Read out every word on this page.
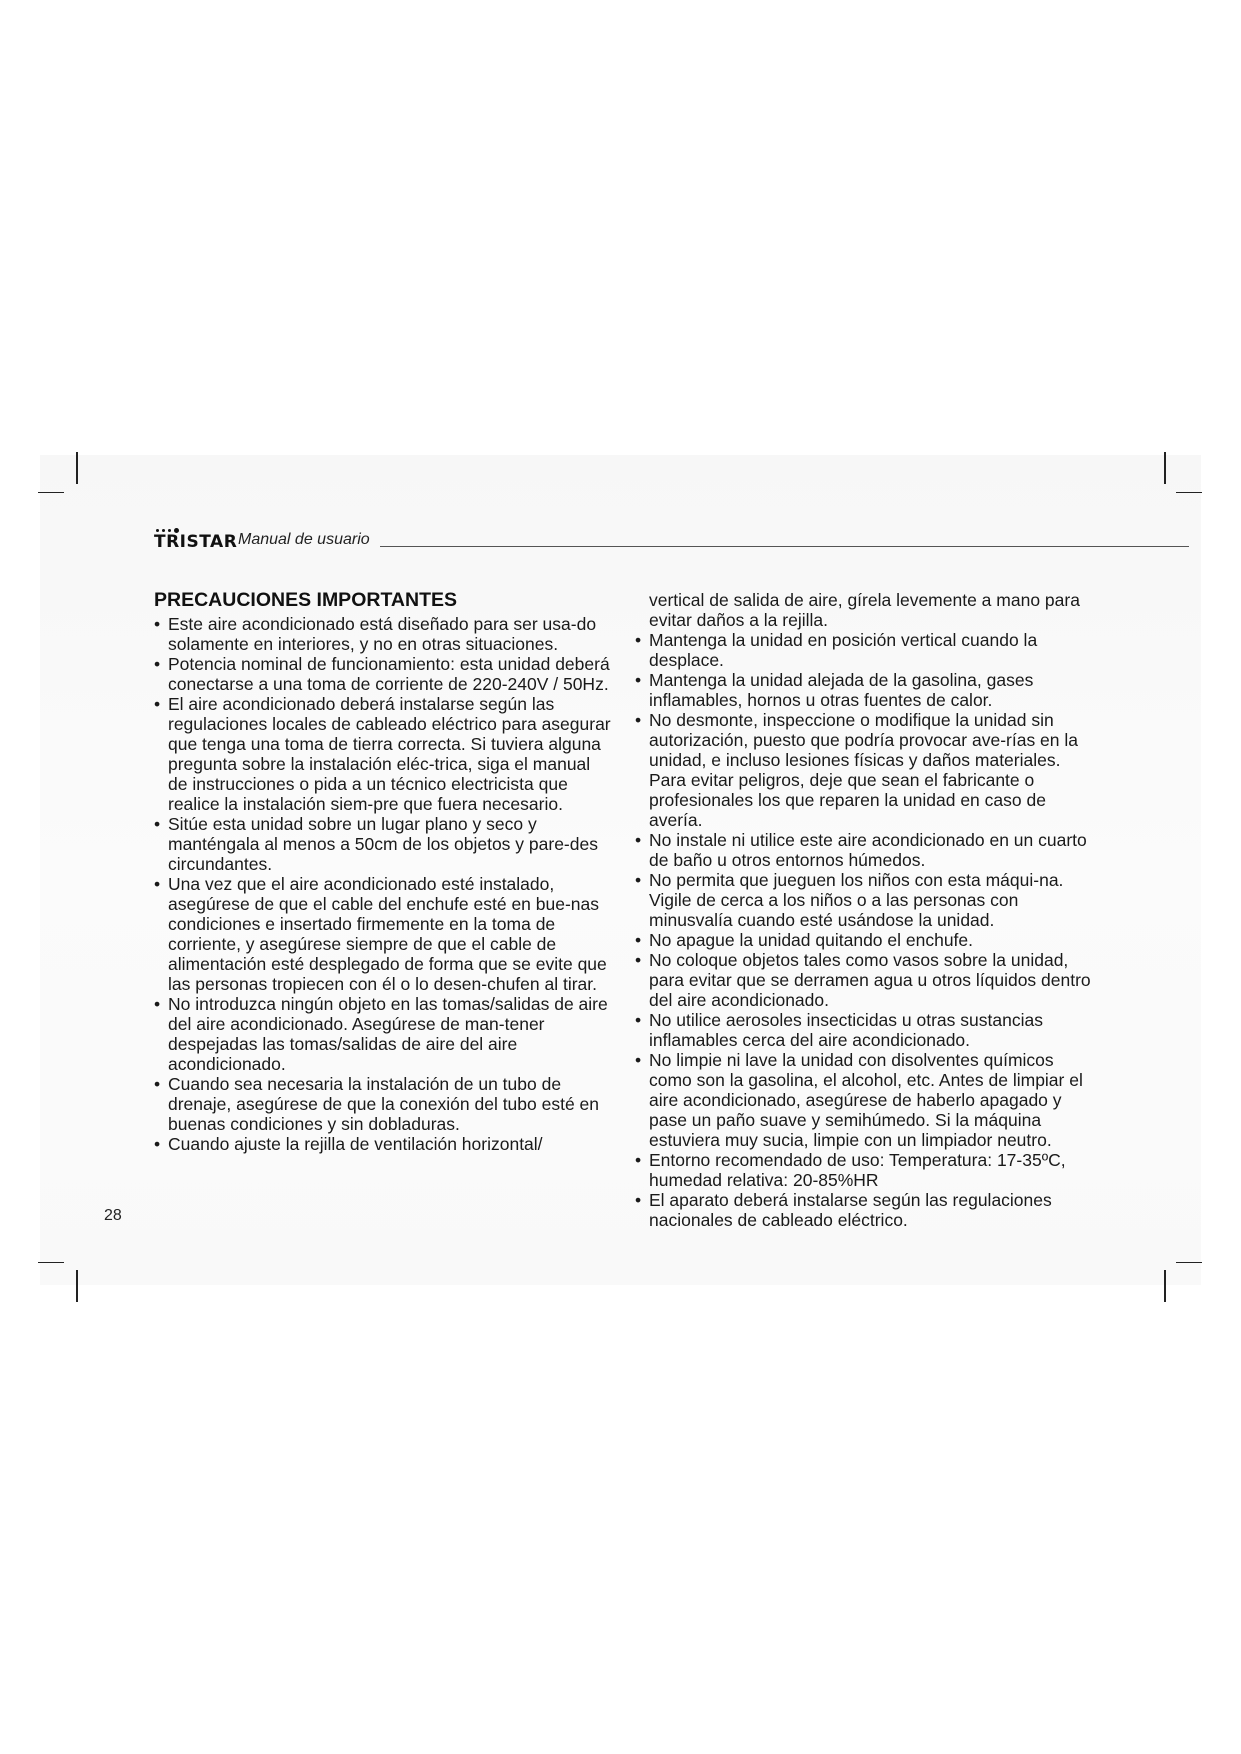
TRISTAR Manual de usuario
PRECAUCIONES IMPORTANTES
• Este aire acondicionado está diseñado para ser usa-do solamente en interiores, y no en otras situaciones.
• Potencia nominal de funcionamiento: esta unidad deberá conectarse a una toma de corriente de 220-240V / 50Hz.
• El aire acondicionado deberá instalarse según las regulaciones locales de cableado eléctrico para asegurar que tenga una toma de tierra correcta. Si tuviera alguna pregunta sobre la instalación eléc-trica, siga el manual de instrucciones o pida a un técnico electricista que realice la instalación siem-pre que fuera necesario.
• Sitúe esta unidad sobre un lugar plano y seco y manténgala al menos a 50cm de los objetos y pare-des circundantes.
• Una vez que el aire acondicionado esté instalado, asegúrese de que el cable del enchufe esté en bue-nas condiciones e insertado firmemente en la toma de corriente, y asegúrese siempre de que el cable de alimentación esté desplegado de forma que se evite que las personas tropiecen con él o lo desen-chufen al tirar.
• No introduzca ningún objeto en las tomas/salidas de aire del aire acondicionado. Asegúrese de man-tener despejadas las tomas/salidas de aire del aire acondicionado.
• Cuando sea necesaria la instalación de un tubo de drenaje, asegúrese de que la conexión del tubo esté en buenas condiciones y sin dobladuras.
• Cuando ajuste la rejilla de ventilación horizontal/
vertical de salida de aire, gírela levemente a mano para evitar daños a la rejilla.
• Mantenga la unidad en posición vertical cuando la desplace.
• Mantenga la unidad alejada de la gasolina, gases inflamables, hornos u otras fuentes de calor.
• No desmonte, inspeccione o modifique la unidad sin autorización, puesto que podría provocar ave-rías en la unidad, e incluso lesiones físicas y daños materiales. Para evitar peligros, deje que sean el fabricante o profesionales los que reparen la unidad en caso de avería.
• No instale ni utilice este aire acondicionado en un cuarto de baño u otros entornos húmedos.
• No permita que jueguen los niños con esta máqui-na. Vigile de cerca a los niños o a las personas con minusvalía cuando esté usándose la unidad.
• No apague la unidad quitando el enchufe.
• No coloque objetos tales como vasos sobre la unidad, para evitar que se derramen agua u otros líquidos dentro del aire acondicionado.
• No utilice aerosoles insecticidas u otras sustancias inflamables cerca del aire acondicionado.
• No limpie ni lave la unidad con disolventes químicos como son la gasolina, el alcohol, etc. Antes de limpiar el aire acondicionado, asegúrese de haberlo apagado y pase un paño suave y semihúmedo. Si la máquina estuviera muy sucia, limpie con un limpiador neutro.
• Entorno recomendado de uso: Temperatura: 17-35ºC, humedad relativa: 20-85%HR
• El aparato deberá instalarse según las regulaciones nacionales de cableado eléctrico.
28
